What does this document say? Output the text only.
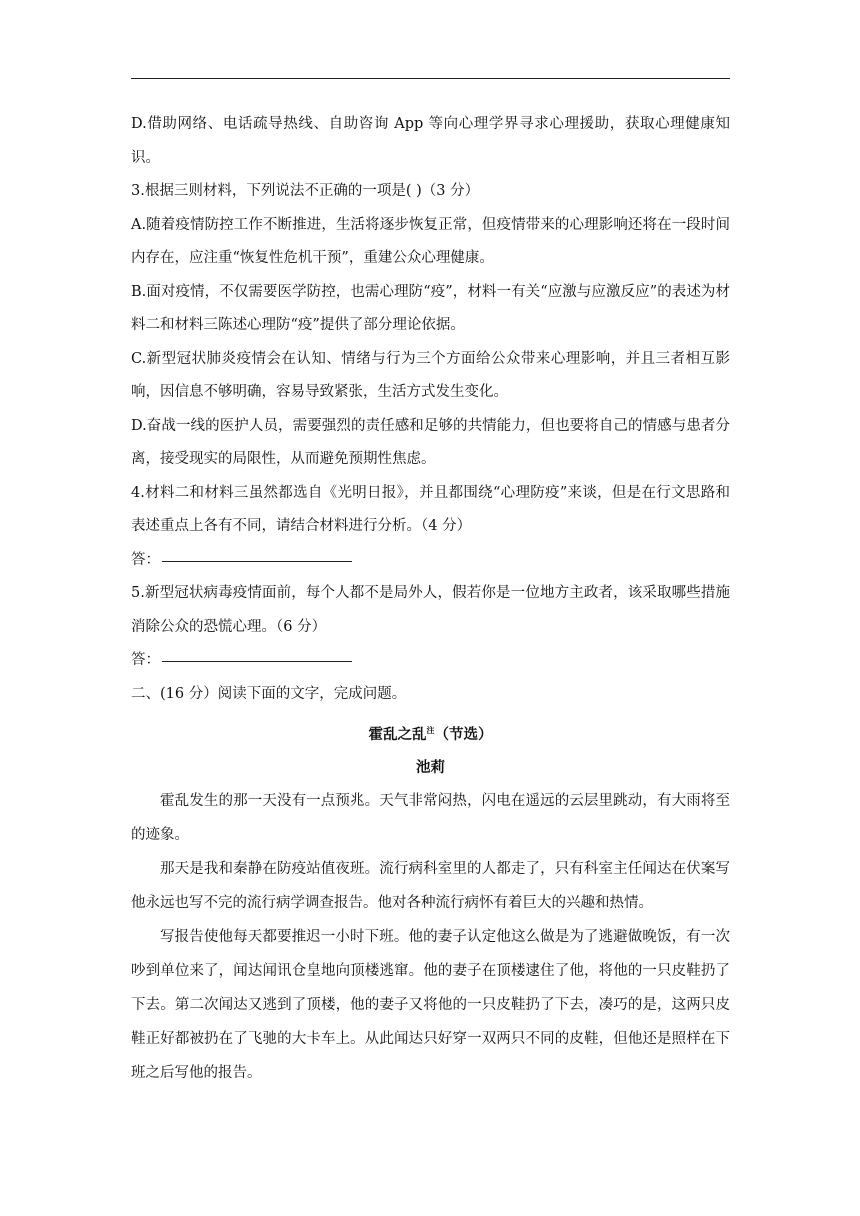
D.借助网络、电话疏导热线、自助咨询 App 等向心理学界寻求心理援助，获取心理健康知识。

3.根据三则材料，下列说法不正确的一项是( )（3 分）

A.随着疫情防控工作不断推进，生活将逐步恢复正常，但疫情带来的心理影响还将在一段时间内存在，应注重“恢复性危机干预”，重建公众心理健康。

B.面对疫情，不仅需要医学防控，也需心理防“疫”，材料一有关“应激与应激反应”的表述为材料二和材料三陈述心理防“疫”提供了部分理论依据。

C.新型冠状肺炎疫情会在认知、情绪与行为三个方面给公众带来心理影响，并且三者相互影响，因信息不够明确，容易导致紧张，生活方式发生变化。

D.奋战一线的医护人员，需要强烈的责任感和足够的共情能力，但也要将自己的情感与患者分离，接受现实的局限性，从而避免预期性焦虑。

4.材料二和材料三虽然都选自《光明日报》，并且都围绕“心理防疫”来谈，但是在行文思路和表述重点上各有不同，请结合材料进行分析。（4 分）

答：

5.新型冠状病毒疫情面前，每个人都不是局外人，假若你是一位地方主政者，该采取哪些措施消除公众的恐慌心理。（6 分）

答：

二、(16 分）阅读下面的文字，完成问题。

霍乱之乱$^注$（节选）

池莉

霍乱发生的那一天没有一点预兆。天气非常闷热，闪电在遥远的云层里跳动，有大雨将至的迹象。

那天是我和秦静在防疫站值夜班。流行病科室里的人都走了，只有科室主任闻达在伏案写他永远也写不完的流行病学调查报告。他对各种流行病怀有着巨大的兴趣和热情。

写报告使他每天都要推迟一小时下班。他的妻子认定他这么做是为了逃避做晚饭，有一次吵到单位来了，闻达闻讯仓皇地向顶楼逃窜。他的妻子在顶楼逮住了他，将他的一只皮鞋扔了下去。第二次闻达又逃到了顶楼，他的妻子又将他的一只皮鞋扔了下去，凑巧的是，这两只皮鞋正好都被扔在了飞驰的大卡车上。从此闻达只好穿一双两只不同的皮鞋，但他还是照样在下班之后写他的报告。
